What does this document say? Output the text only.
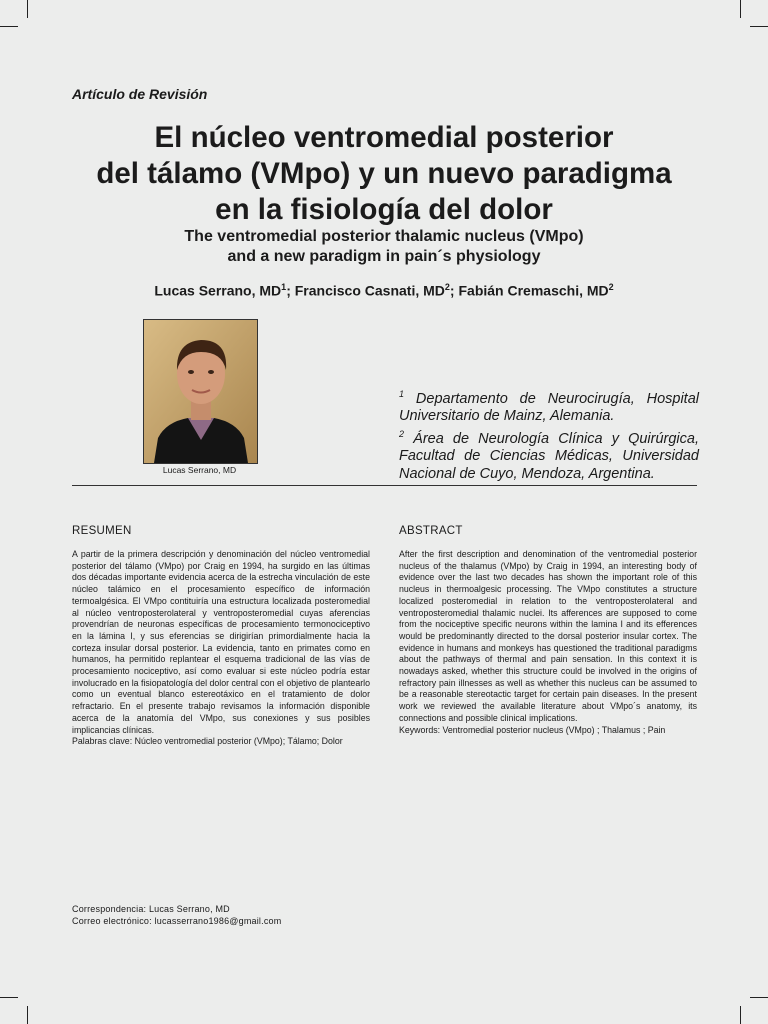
Artículo de Revisión
El núcleo ventromedial posterior
del tálamo (VMpo) y un nuevo paradigma
en la fisiología del dolor
The ventromedial posterior thalamic nucleus (VMpo)
and a new paradigm in pain´s physiology
Lucas Serrano, $MD^1$; Francisco Casnati, $MD^2$; Fabián Cremaschi, $MD^2$
Lucas Serrano, MD
$^1$ Departamento de Neurocirugía, Hospital Universitario de Mainz, Alemania.
$^2$ Área de Neurología Clínica y Quirúrgica, Facultad de Ciencias Médicas, Universidad Nacional de Cuyo, Mendoza, Argentina.
RESUMEN

A partir de la primera descripción y denominación del núcleo ventromedial posterior del tálamo (VMpo) por Craig en 1994, ha surgido en las últimas dos décadas importante evidencia acerca de la estrecha vinculación de este núcleo talámico en el procesamiento específico de información termoalgésica. El VMpo contituiría una estructura localizada posteromedial al núcleo ventroposterolateral y ventroposteromedial cuyas aferencias provendrían de neuronas específicas de procesamiento termonociceptivo en la lámina I, y sus eferencias se dirigirían primordialmente hacia la corteza insular dorsal posterior. La evidencia, tanto en primates como en humanos, ha permitido replantear el esquema tradicional de las vías de procesamiento nociceptivo, así como evaluar si este núcleo podría estar involucrado en la fisiopatología del dolor central con el objetivo de plantearlo como un eventual blanco estereotáxico en el tratamiento de dolor refractario. En el presente trabajo revisamos la información disponible acerca de la anatomía del VMpo, sus conexiones y sus posibles implicancias clínicas.

Palabras clave: Núcleo ventromedial posterior (VMpo); Tálamo; Dolor

ABSTRACT

After the first description and denomination of the ventromedial posterior nucleus of the thalamus (VMpo) by Craig in 1994, an interesting body of evidence over the last two decades has shown the important role of this nucleus in thermoalgesic processing. The VMpo constitutes a structure localized posteromedial in relation to the ventroposterolateral and ventroposteromedial thalamic nuclei. Its afferences are supposed to come from the nociceptive specific neurons within the lamina I and its efferences would be predominantly directed to the dorsal posterior insular cortex. The evidence in humans and monkeys has questioned the traditional paradigms about the pathways of thermal and pain sensation. In this context it is nowadays asked, whether this structure could be involved in the origins of refractory pain illnesses as well as whether this nucleus can be assumed to be a reasonable stereotactic target for certain pain diseases. In the present work we reviewed the available literature about VMpo´s anatomy, its connections and possible clinical implications.

Keywords: Ventromedial posterior nucleus (VMpo) ; Thalamus ; Pain

Correspondencia: Lucas Serrano, MD
Correo electrónico: lucasserrano1986@gmail.com
